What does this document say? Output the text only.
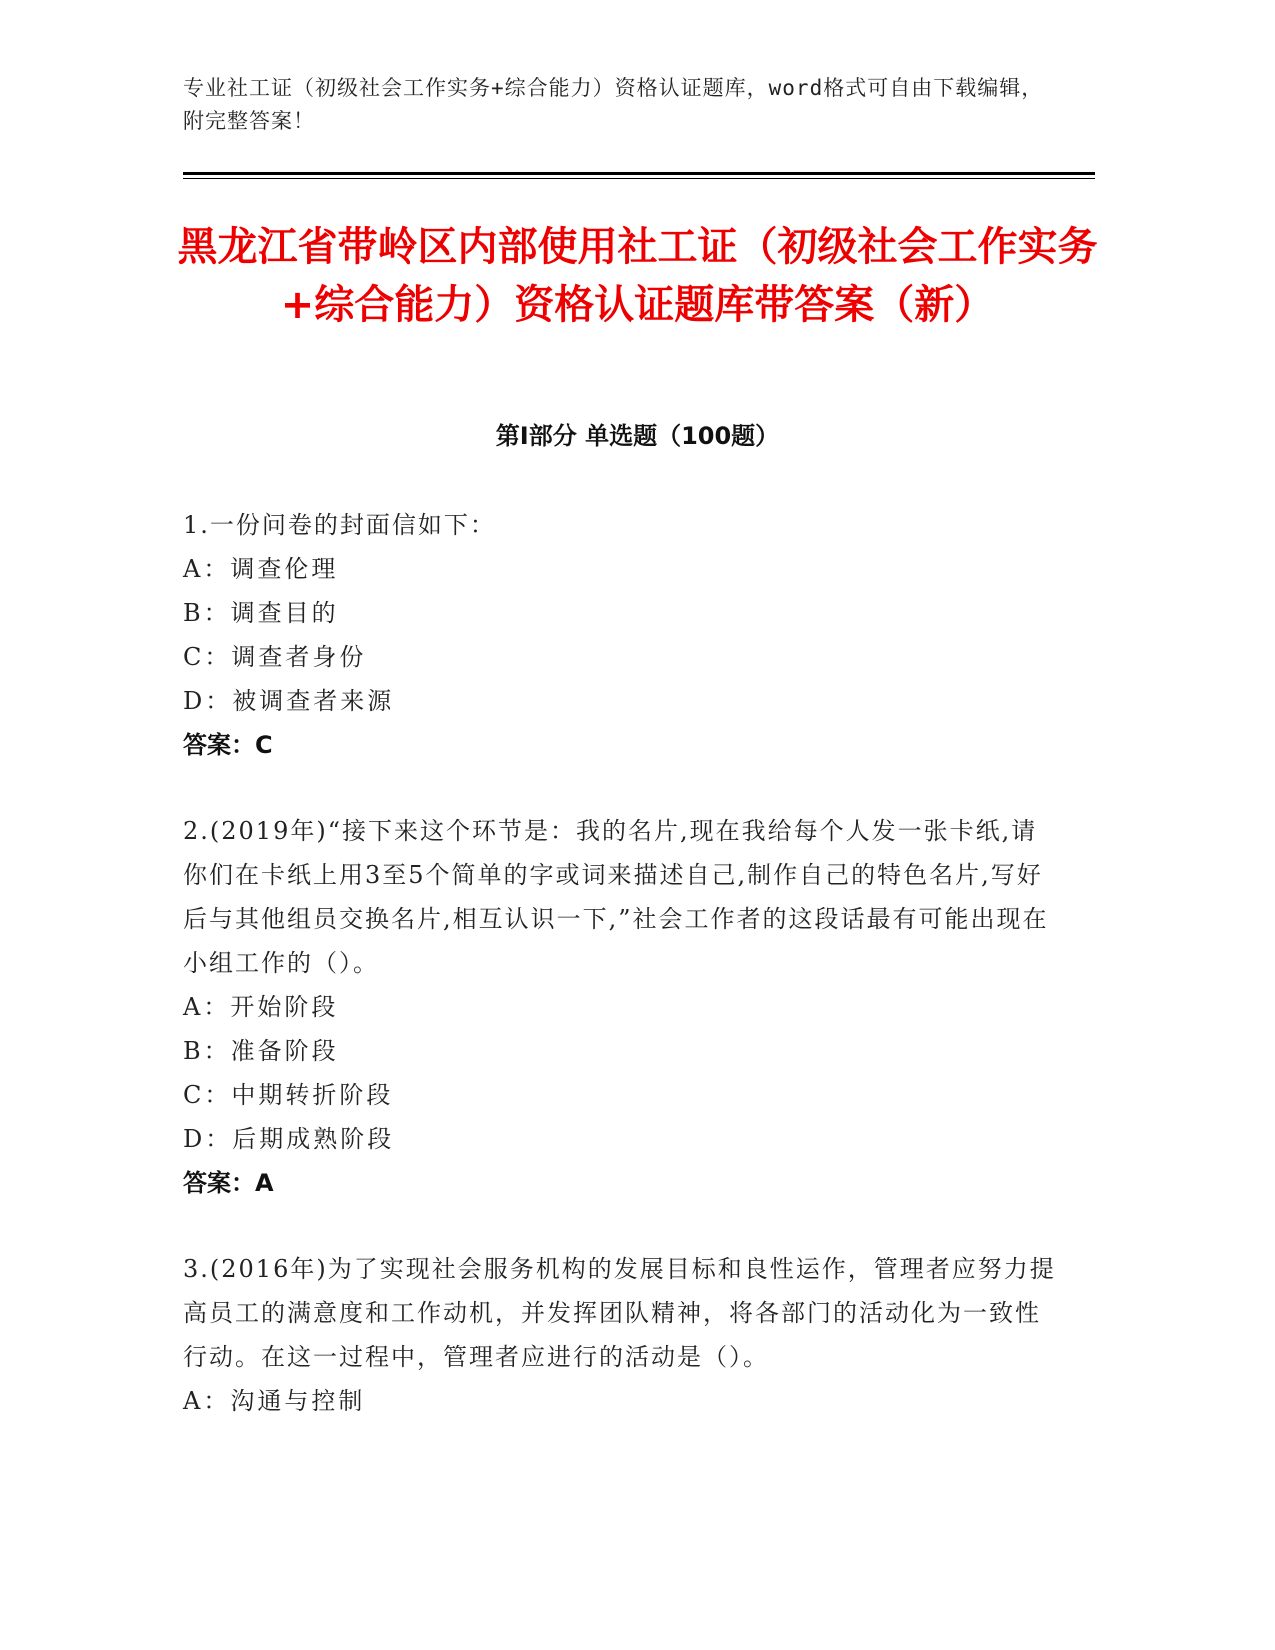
专业社工证（初级社会工作实务+综合能力）资格认证题库，word格式可自由下载编辑，附完整答案！
黑龙江省带岭区内部使用社工证（初级社会工作实务+综合能力）资格认证题库带答案（新）
第Ⅰ部分 单选题（100题）
1.一份问卷的封面信如下：
A：调查伦理
B：调查目的
C：调查者身份
D：被调查者来源
答案：C
2.(2019年)“接下来这个环节是：我的名片,现在我给每个人发一张卡纸,请你们在卡纸上用3至5个简单的字或词来描述自己,制作自己的特色名片,写好后与其他组员交换名片,相互认识一下,”社会工作者的这段话最有可能出现在小组工作的（）。
A：开始阶段
B：准备阶段
C：中期转折阶段
D：后期成熟阶段
答案：A
3.(2016年)为了实现社会服务机构的发展目标和良性运作，管理者应努力提高员工的满意度和工作动机，并发挥团队精神，将各部门的活动化为一致性行动。在这一过程中，管理者应进行的活动是（）。
A：沟通与控制
